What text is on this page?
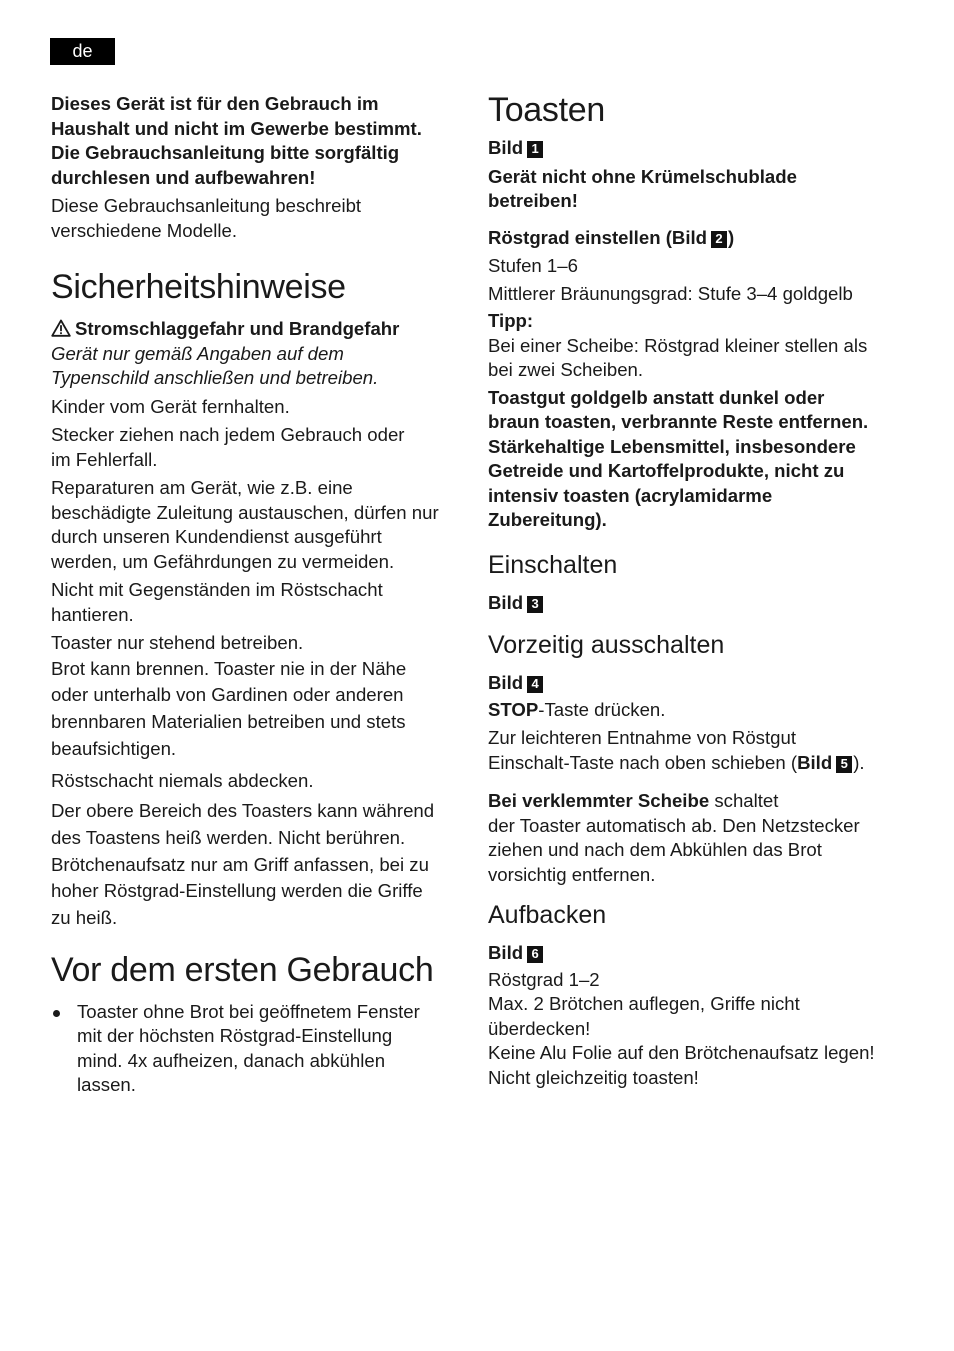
de

Dieses Gerät ist für den Gebrauch im

Haushalt und nicht im Gewerbe bestimmt.

Die Gebrauchsanleitung bitte sorgfältig

durchlesen und aufbewahren!

Diese Gebrauchsanleitung beschreibt

verschiedene Modelle.

Sicherheitshinweise

Stromschlaggefahr und Brandgefahr

Gerät nur gemäß Angaben auf dem

Typenschild anschließen und betreiben.

Kinder vom Gerät fernhalten.

Stecker ziehen nach jedem Gebrauch oder

im Fehlerfall.

Reparaturen am Gerät, wie z.B. eine

beschädigte Zuleitung austauschen, dürfen nur

durch unseren Kundendienst ausgeführt

werden, um Gefährdungen zu vermeiden.

Nicht mit Gegenständen im Röstschacht

hantieren.

Toaster nur stehend betreiben.

Brot kann brennen. Toaster nie in der Nähe

oder unterhalb von Gardinen oder anderen

brennbaren Materialien betreiben und stets

beaufsichtigen.

Röstschacht niemals abdecken.

Der obere Bereich des Toasters kann während

des Toastens heiß werden. Nicht berühren.

Brötchenaufsatz nur am Griff anfassen, bei zu

hoher Röstgrad-Einstellung werden die Griffe

zu heiß.

Vor dem ersten Gebrauch
Toaster ohne Brot bei geöffnetem Fenster
mit der höchsten Röstgrad-Einstellung
mind. 4x aufheizen, danach abkühlen
lassen.
Toasten

Bild 1

Gerät nicht ohne Krümelschublade

betreiben!

Röstgrad einstellen (Bild 2 )

Stufen 1–6

Mittlerer Bräunungsgrad: Stufe 3–4 goldgelb

Tipp:

Bei einer Scheibe: Röstgrad kleiner stellen als

bei zwei Scheiben.

Toastgut goldgelb anstatt dunkel oder

braun toasten, verbrannte Reste entfernen.

Stärkehaltige Lebensmittel, insbesondere

Getreide und Kartoffelprodukte, nicht zu

intensiv toasten (acrylamidarme

Zubereitung).

Einschalten

Bild 3

Vorzeitig ausschalten

Bild 4

STOP-Taste drücken.

Zur leichteren Entnahme von Röstgut

Einschalt-Taste nach oben schieben (Bild 5 ).

Bei verklemmter Scheibe schaltet

der Toaster automatisch ab. Den Netzstecker

ziehen und nach dem Abkühlen das Brot

vorsichtig entfernen.

Aufbacken

Bild 6

Röstgrad 1–2

Max. 2 Brötchen auflegen, Griffe nicht

überdecken!

Keine Alu Folie auf den Brötchenaufsatz legen!

Nicht gleichzeitig toasten!
